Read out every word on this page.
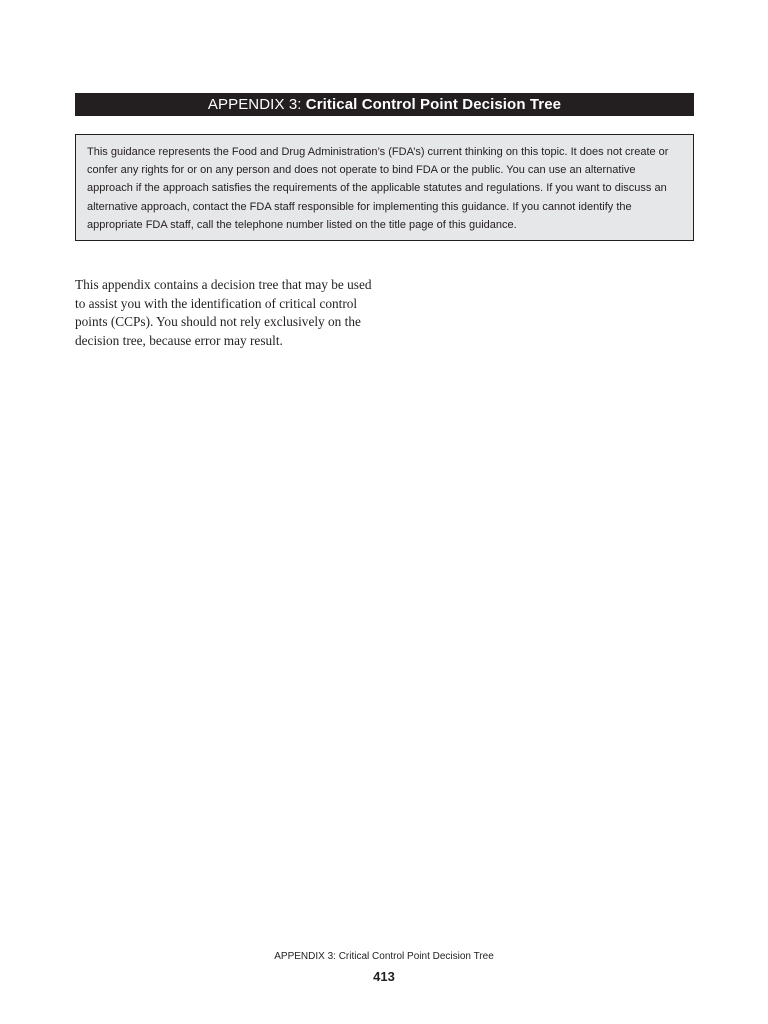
APPENDIX 3: Critical Control Point Decision Tree
This guidance represents the Food and Drug Administration’s (FDA’s) current thinking on this topic. It does not create or confer any rights for or on any person and does not operate to bind FDA or the public. You can use an alternative approach if the approach satisfies the requirements of the applicable statutes and regulations. If you want to discuss an alternative approach, contact the FDA staff responsible for implementing this guidance. If you cannot identify the appropriate FDA staff, call the telephone number listed on the title page of this guidance.
This appendix contains a decision tree that may be used to assist you with the identification of critical control points (CCPs). You should not rely exclusively on the decision tree, because error may result.
APPENDIX 3: Critical Control Point Decision Tree
413
